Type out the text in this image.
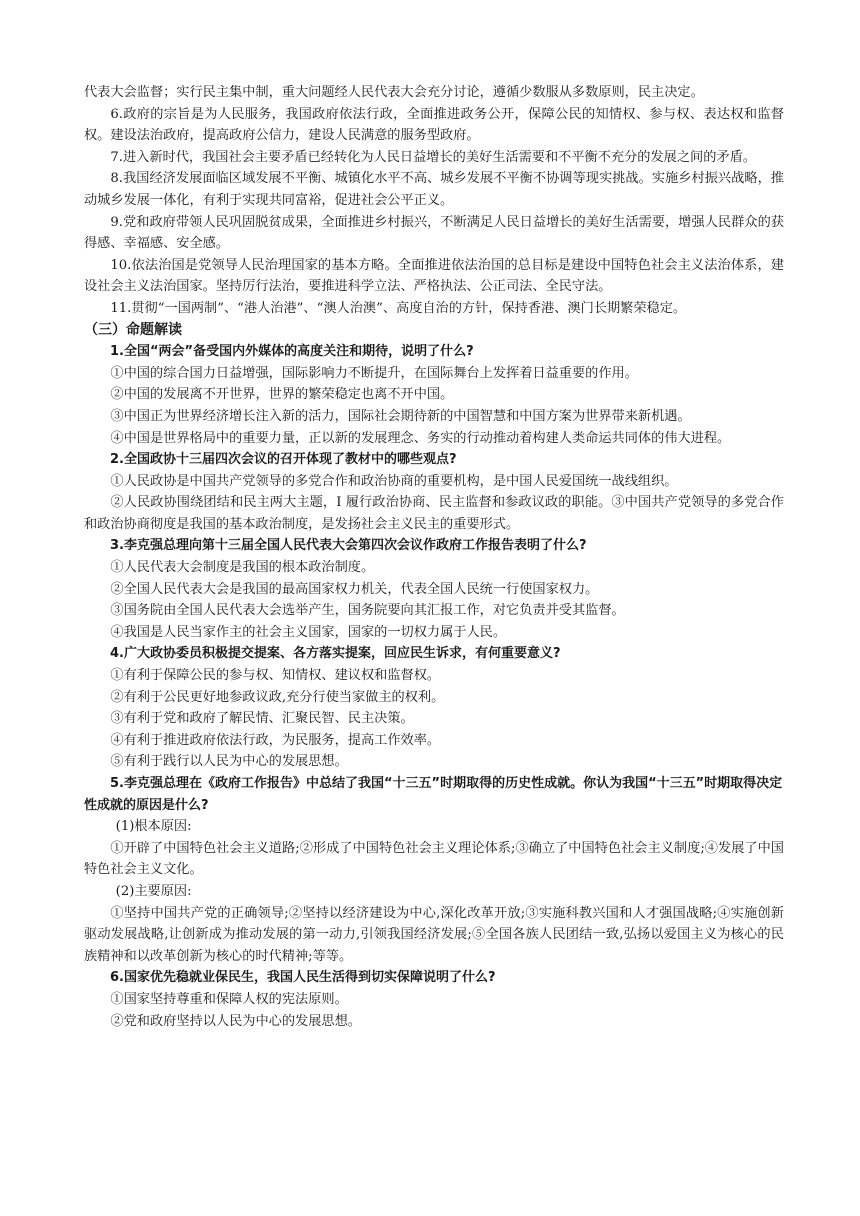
代表大会监督；实行民主集中制，重大问题经人民代表大会充分讨论，遵循少数服从多数原则，民主决定。

6.政府的宗旨是为人民服务，我国政府依法行政，全面推进政务公开，保障公民的知情权、参与权、表达权和监督权。建设法治政府，提高政府公信力，建设人民满意的服务型政府。

7.进入新时代，我国社会主要矛盾已经转化为人民日益增长的美好生活需要和不平衡不充分的发展之间的矛盾。

8.我国经济发展面临区域发展不平衡、城镇化水平不高、城乡发展不平衡不协调等现实挑战。实施乡村振兴战略，推动城乡发展一体化，有利于实现共同富裕，促进社会公平正义。

9.党和政府带领人民巩固脱贫成果，全面推进乡村振兴，不断满足人民日益增长的美好生活需要，增强人民群众的获得感、幸福感、安全感。

10.依法治国是党领导人民治理国家的基本方略。全面推进依法治国的总目标是建设中国特色社会主义法治体系，建设社会主义法治国家。坚持厉行法治，要推进科学立法、严格执法、公正司法、全民守法。

11.贯彻“一国两制”、“港人治港”、“澳人治澳”、高度自治的方针，保持香港、澳门长期繁荣稳定。

（三）命题解读

1.全国“两会”备受国内外媒体的高度关注和期待，说明了什么?

①中国的综合国力日益增强，国际影响力不断提升，在国际舞台上发挥着日益重要的作用。

②中国的发展离不开世界，世界的繁荣稳定也离不开中国。

③中国正为世界经济增长注入新的活力，国际社会期待新的中国智慧和中国方案为世界带来新机遇。

④中国是世界格局中的重要力量，正以新的发展理念、务实的行动推动着构建人类命运共同体的伟大进程。

2.全国政协十三届四次会议的召开体现了教材中的哪些观点?

①人民政协是中国共产党领导的多党合作和政治协商的重要机构，是中国人民爱国统一战线组织。

②人民政协围绕团结和民主两大主题，I 履行政治协商、民主监督和参政议政的职能。③中国共产党领导的多党合作和政治协商彻度是我国的基本政治制度，是发扬社会主义民主的重要形式。

3.李克强总理向第十三届全国人民代表大会第四次会议作政府工作报告表明了什么?

①人民代表大会制度是我国的根本政治制度。

②全国人民代表大会是我国的最高国家权力机关，代表全国人民统一行使国家权力。

③国务院由全国人民代表大会选举产生，国务院要向其汇报工作，对它负责并受其监督。

④我国是人民当家作主的社会主义国家，国家的一切权力属于人民。

4.广大政协委员积极提交提案、各方落实提案，回应民生诉求，有何重要意义?

①有利于保障公民的参与权、知情权、建议权和监督权。

②有利于公民更好地参政议政,充分行使当家做主的权利。

③有利于党和政府了解民情、汇聚民智、民主决策。

④有利于推进政府依法行政，为民服务，提高工作效率。

⑤有利于践行以人民为中心的发展思想。

5.李克强总理在《政府工作报告》中总结了我国“十三五”时期取得的历史性成就。你认为我国“十三五”时期取得决定性成就的原因是什么?

(1)根本原因:

①开辟了中国特色社会主义道路;②形成了中国特色社会主义理论体系;③确立了中国特色社会主义制度;④发展了中国特色社会主义文化。

(2)主要原因:

①坚持中国共产党的正确领导;②坚持以经济建设为中心,深化改革开放;③实施科教兴国和人才强国战略;④实施创新驱动发展战略,让创新成为推动发展的第一动力,引领我国经济发展;⑤全国各族人民团结一致,弘扬以爱国主义为核心的民族精神和以改革创新为核心的时代精神;等等。

6.国家优先稳就业保民生，我国人民生活得到切实保障说明了什么?

①国家坚持尊重和保障人权的宪法原则。

②党和政府坚持以人民为中心的发展思想。
